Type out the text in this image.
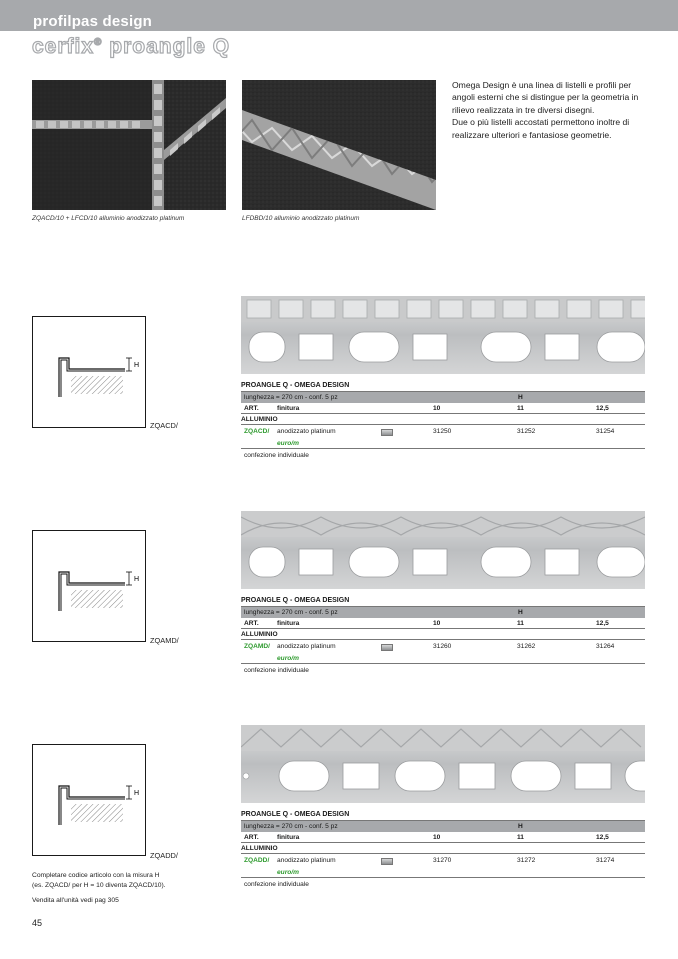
profilpas design
cerfix® proangle Q
ZQACD/10 + LFCD/10 alluminio anodizzato platinum	LFDBD/10 alluminio anodizzato platinum

Omega Design è una linea di listelli e profili per angoli esterni che si distingue per la geometria in rilievo realizzata in tre diversi disegni.

Due o più listelli accostati permettono inoltre di realizzare ulteriori e fantasiose geometrie.

H
ZQACD/
PROANGLE Q - OMEGA DESIGN
lunghezza = 270 cm - conf. 5 pz	H
ART.	finitura	10	11	12,5
ALLUMINIO
ZQACD/ anodizzato platinum	31250	31252	31254
euro/m
confezione individuale
H
ZQAMD/
PROANGLE Q - OMEGA DESIGN
lunghezza = 270 cm - conf. 5 pz	H
ART.	finitura	10	11	12,5
ALLUMINIO
ZQAMD/ anodizzato platinum	31260	31262	31264
euro/m
confezione individuale
H
ZQADD/
PROANGLE Q - OMEGA DESIGN
lunghezza = 270 cm - conf. 5 pz	H
ART.	finitura	10	11	12,5
ALLUMINIO
ZQADD/ anodizzato platinum	31270	31272	31274
euro/m
confezione individuale
Completare codice articolo con la misura H
(es. ZQACD/ per H = 10 diventa ZQACD/10).
Vendita all'unità vedi pag 305
45
